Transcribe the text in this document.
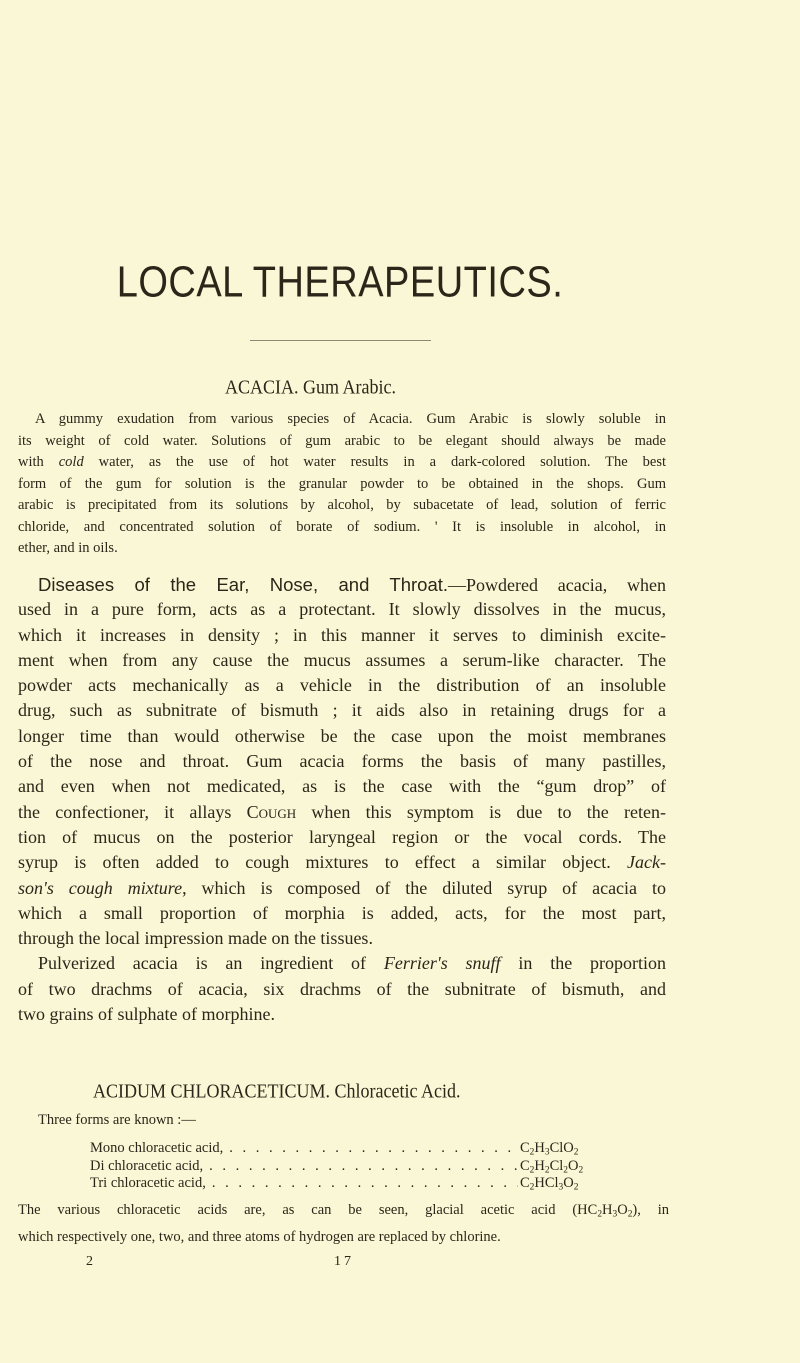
LOCAL THERAPEUTICS.
ACACIA. Gum Arabic.
A gummy exudation from various species of Acacia. Gum Arabic is slowly soluble in
its weight of cold water. Solutions of gum arabic to be elegant should always be made
with cold water, as the use of hot water results in a dark-colored solution. The best
form of the gum for solution is the granular powder to be obtained in the shops. Gum
arabic is precipitated from its solutions by alcohol, by subacetate of lead, solution of ferric
chloride, and concentrated solution of borate of sodium. ' It is insoluble in alcohol, in
ether, and in oils.
Diseases of the Ear, Nose, and Throat.—Powdered acacia, when
used in a pure form, acts as a protectant. It slowly dissolves in the mucus,
which it increases in density ; in this manner it serves to diminish excite-
ment when from any cause the mucus assumes a serum-like character. The
powder acts mechanically as a vehicle in the distribution of an insoluble
drug, such as subnitrate of bismuth ; it aids also in retaining drugs for a
longer time than would otherwise be the case upon the moist membranes
of the nose and throat. Gum acacia forms the basis of many pastilles,
and even when not medicated, as is the case with the “gum drop” of
the confectioner, it allays Cough when this symptom is due to the reten-
tion of mucus on the posterior laryngeal region or the vocal cords. The
syrup is often added to cough mixtures to effect a similar object. Jack-
son's cough mixture, which is composed of the diluted syrup of acacia to
which a small proportion of morphia is added, acts, for the most part,
through the local impression made on the tissues.
Pulverized acacia is an ingredient of Ferrier's snuff in the proportion
of two drachms of acacia, six drachms of the subnitrate of bismuth, and
two grains of sulphate of morphine.
ACIDUM CHLORACETICUM. Chloracetic Acid.
Three forms are known :—
Mono chloracetic acid, . . .	$C_2H_3ClO_2$
Di chloracetic acid, . . .	$C_2H_2Cl_2O_2$
Tri chloracetic acid, . . .	$C_2HCl_3O_2$
The various chloracetic acids are, as can be seen, glacial acetic acid $(HC_2H_3O_2)$, in
which respectively one, two, and three atoms of hydrogen are replaced by chlorine.
2	17
